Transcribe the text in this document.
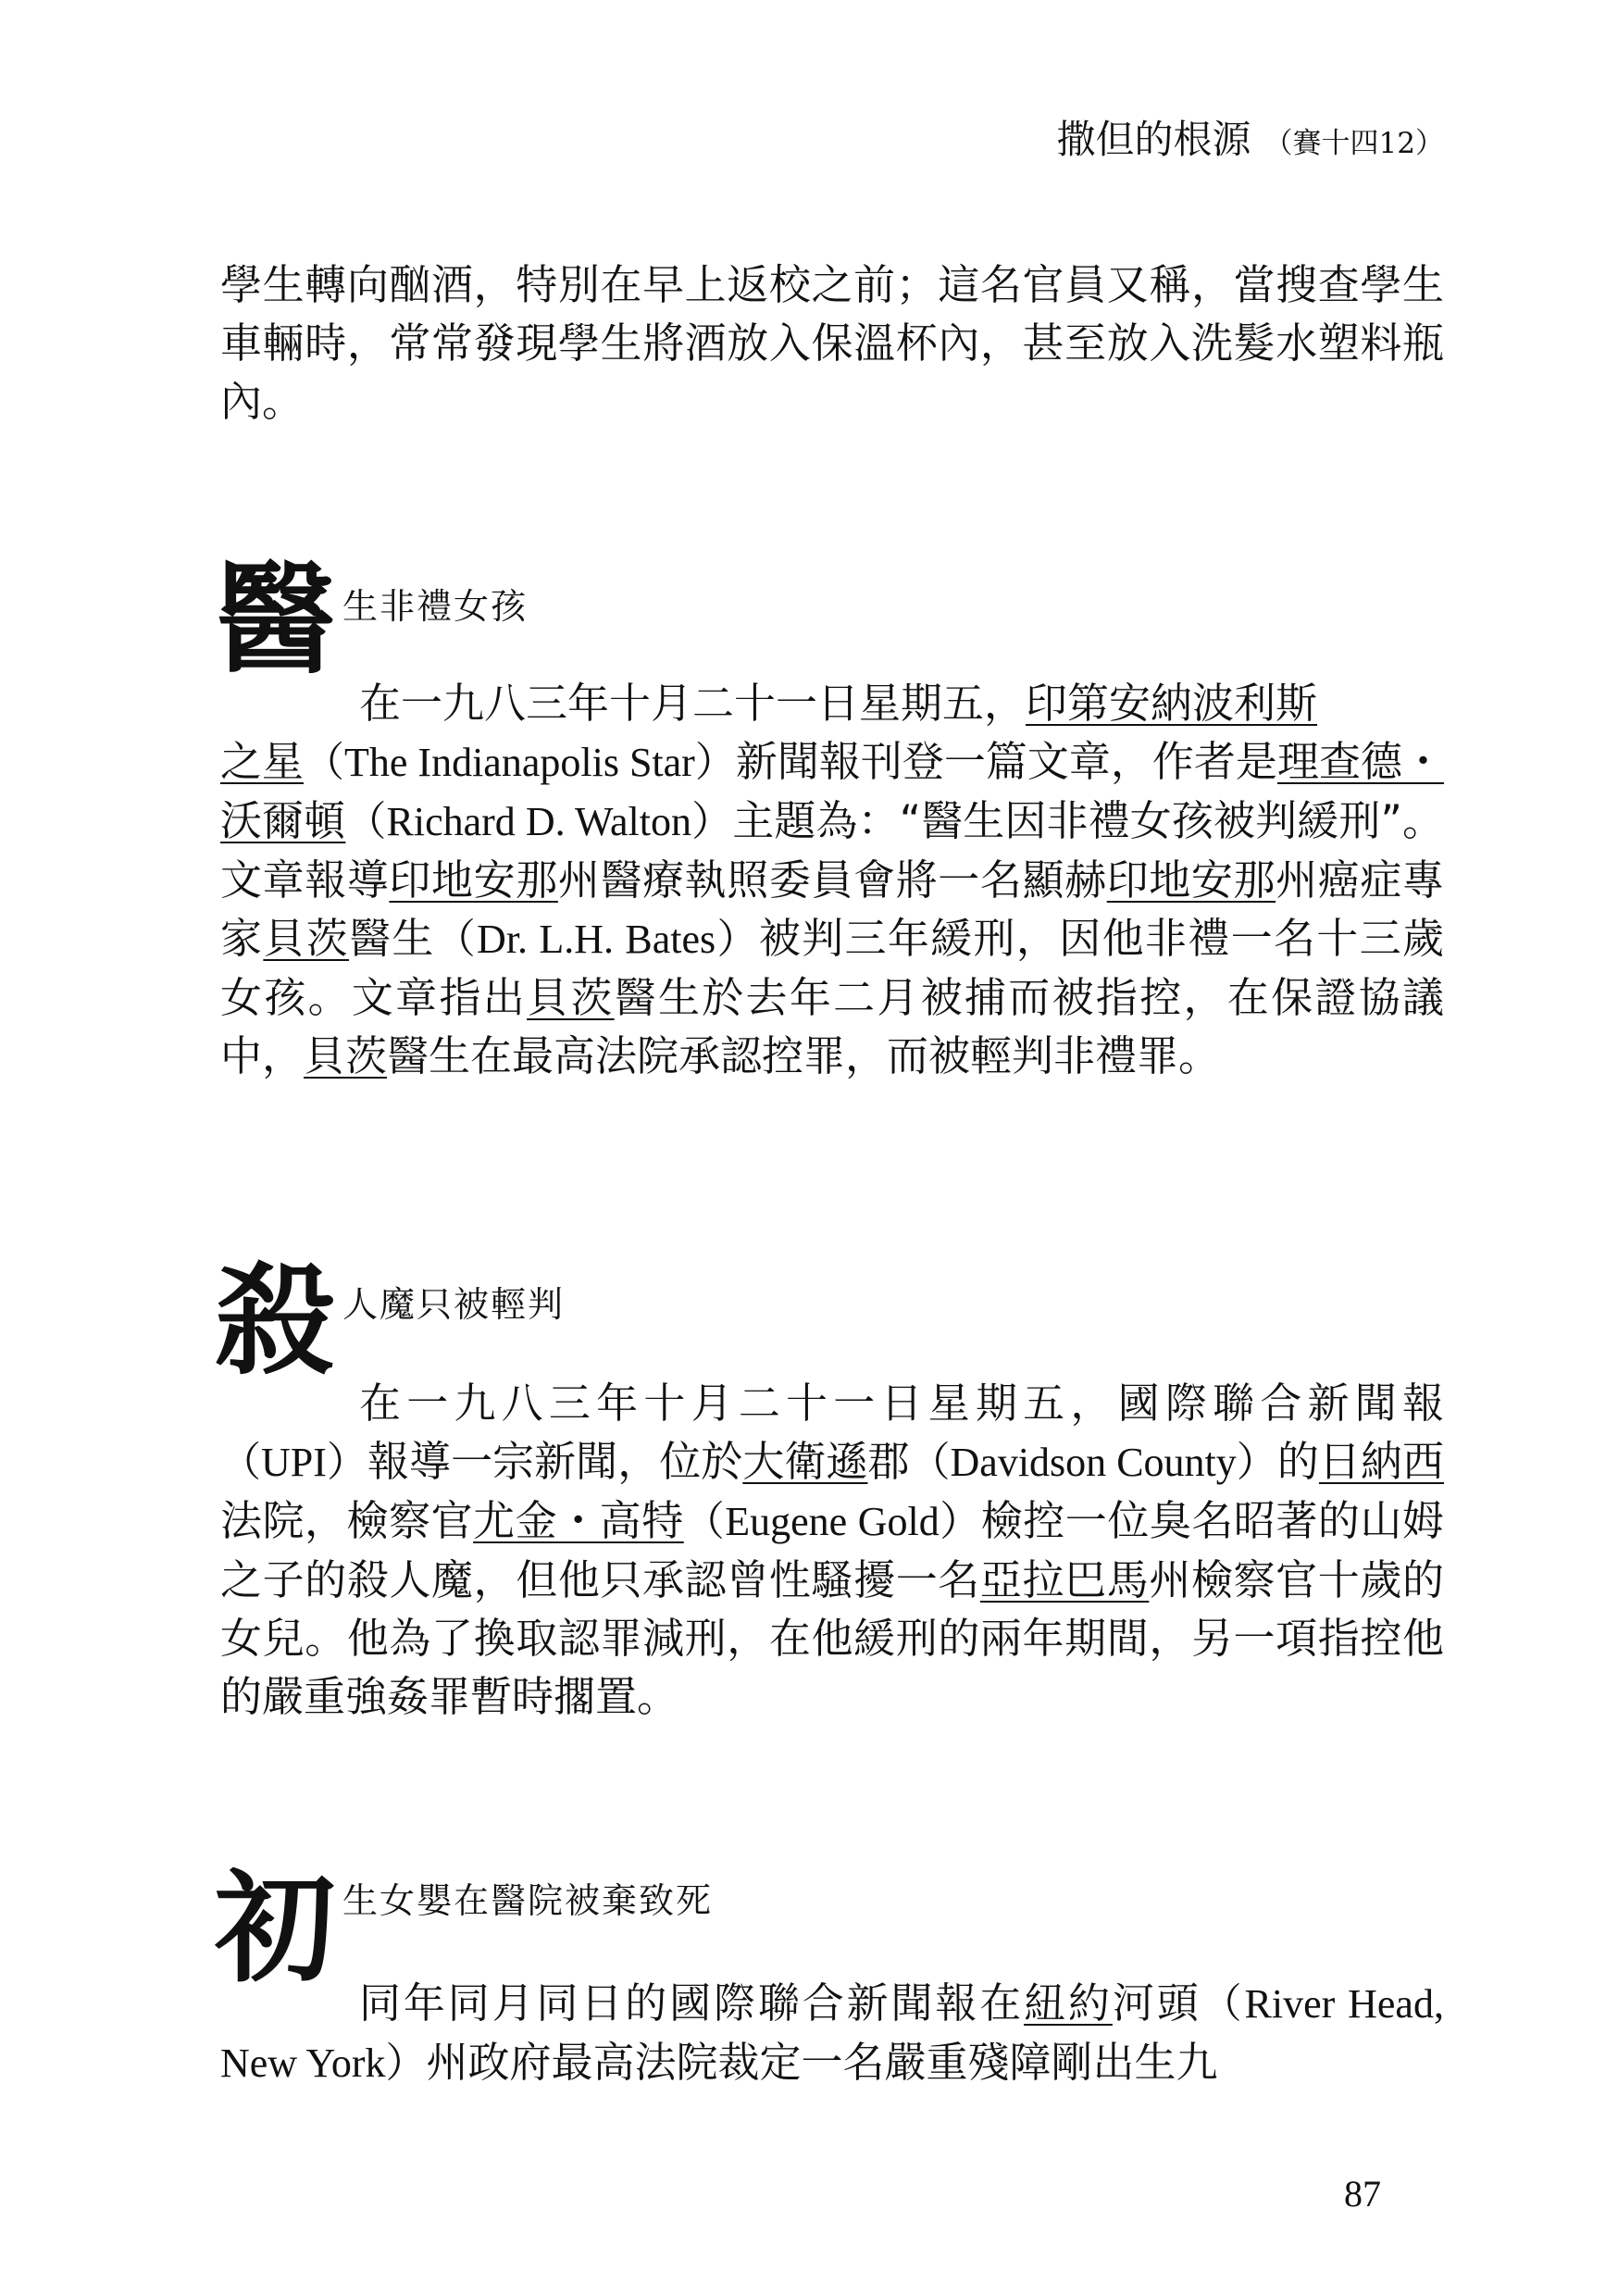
撒但的根源 （賽十四12）

學生轉向酗酒，特別在早上返校之前；這名官員又稱，當搜查學生車輛時，常常發現學生將酒放入保溫杯內，甚至放入洗髮水塑料瓶內。

醫 生非禮女孩

在一九八三年十月二十一日星期五，印第安納波利斯
之星（The Indianapolis Star）新聞報刊登一篇文章，作者是理查德・沃爾頓（Richard D. Walton）主題為：“醫生因非禮女孩被判緩刑”。文章報導印地安那州醫療執照委員會將一名顯赫印地安那州癌症專家貝茨醫生（Dr. L.H. Bates）被判三年緩刑，因他非禮一名十三歲女孩。文章指出貝茨醫生於去年二月被捕而被指控，在保證協議中，貝茨醫生在最高法院承認控罪，而被輕判非禮罪。

殺 人魔只被輕判

在一九八三年十月二十一日星期五，國際聯合新聞報（UPI）報導一宗新聞，位於大衛遜郡（Davidson County）的日納西法院，檢察官尤金・高特（Eugene Gold）檢控一位臭名昭著的山姆之子的殺人魔，但他只承認曾性騷擾一名亞拉巴馬州檢察官十歲的女兒。他為了換取認罪減刑，在他緩刑的兩年期間，另一項指控他的嚴重強姦罪暫時擱置。

初 生女嬰在醫院被棄致死

同年同月同日的國際聯合新聞報在紐約河頭（River Head, New York）州政府最高法院裁定一名嚴重殘障剛出生九

87
